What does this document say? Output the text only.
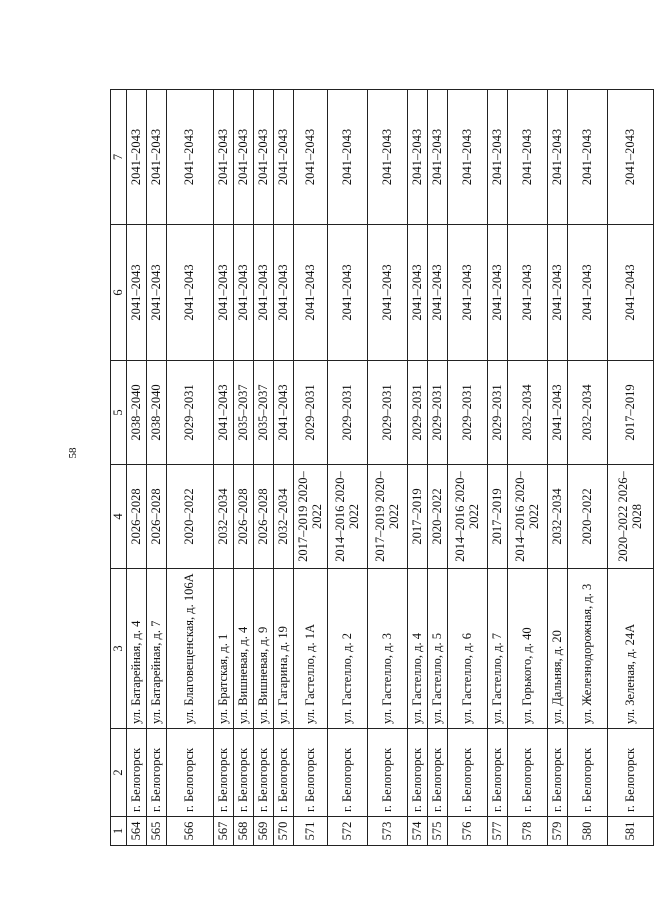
58
1	2	3	4	5	6	7
564	г. Белогорск	ул. Батарейная, д. 4	2026–2028	2038–2040	2041–2043	2041–2043
565	г. Белогорск	ул. Батарейная, д. 7	2026–2028	2038–2040	2041–2043	2041–2043
566	г. Белогорск	ул. Благовещенская, д. 106А	2020–2022	2029–2031	2041–2043	2041–2043
567	г. Белогорск	ул. Братская, д. 1	2032–2034	2041–2043	2041–2043	2041–2043
568	г. Белогорск	ул. Вишневая, д. 4	2026–2028	2035–2037	2041–2043	2041–2043
569	г. Белогорск	ул. Вишневая, д. 9	2026–2028	2035–2037	2041–2043	2041–2043
570	г. Белогорск	ул. Гагарина, д. 19	2032–2034	2041–2043	2041–2043	2041–2043
571	г. Белогорск	ул. Гастелло, д. 1А	2017–2019 2020–2022	2029–2031	2041–2043	2041–2043
572	г. Белогорск	ул. Гастелло, д. 2	2014–2016 2020–2022	2029–2031	2041–2043	2041–2043
573	г. Белогорск	ул. Гастелло, д. 3	2017–2019 2020–2022	2029–2031	2041–2043	2041–2043
574	г. Белогорск	ул. Гастелло, д. 4	2017–2019	2029–2031	2041–2043	2041–2043
575	г. Белогорск	ул. Гастелло, д. 5	2020–2022	2029–2031	2041–2043	2041–2043
576	г. Белогорск	ул. Гастелло, д. 6	2014–2016 2020–2022	2029–2031	2041–2043	2041–2043
577	г. Белогорск	ул. Гастелло, д. 7	2017–2019	2029–2031	2041–2043	2041–2043
578	г. Белогорск	ул. Горького, д. 40	2014–2016 2020–2022	2032–2034	2041–2043	2041–2043
579	г. Белогорск	ул. Дальняя, д. 20	2032–2034	2041–2043	2041–2043	2041–2043
580	г. Белогорск	ул. Железнодорожная, д. 3	2020–2022	2032–2034	2041–2043	2041–2043
581	г. Белогорск	ул. Зеленая, д. 24А	2020–2022 2026–2028	2017–2019	2041–2043	2041–2043
